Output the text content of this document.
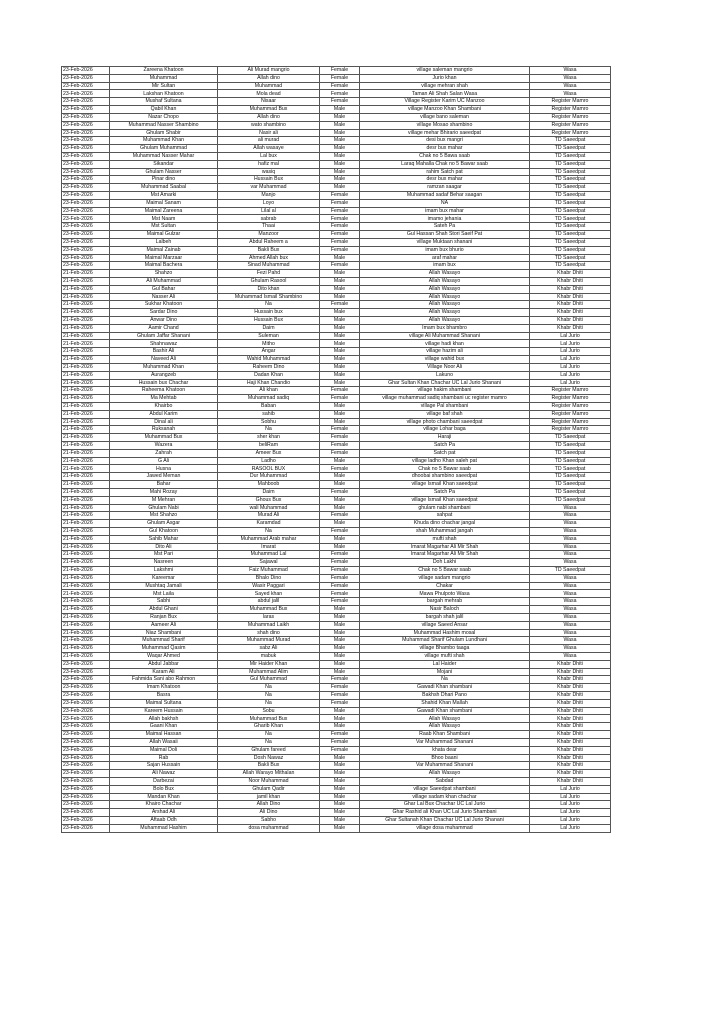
23-Feb-2026	Zareena Khatoon	Ali Murad mangrio	Female	village saleman mangrio	Wasa
23-Feb-2026	Muhammad	Allah dino	Female	Jurio khan	Wasa
23-Feb-2026	Mir Sultan	Muhammad	Female	village mehran shah	Wasa
23-Feb-2026	Lakshan Khatoon	Mola dead	Female	Taman Ali Shah Salan Wasa	Wasa
23-Feb-2026	Mushaf Sultana	Nisaar	Female	Village Register Karim UC Manzoo	Register Mamro
23-Feb-2026	Qabil Khan	Muhammad Bux	Male	village Manzoo Khan Shambani	Register Mamro
23-Feb-2026	Nazar Chopo	Allah dino	Male	village bano saleman	Register Mamro
23-Feb-2026	Muhammad Nasser Shambino	wato shambino	Male	village Mosao shambino	Register Mamro
23-Feb-2026	Ghulam Shabir	Nasir ali	Male	village mehar Bhirario saeedpat	Register Mamro
23-Feb-2026	Muhammad Khan	ali murad	Male	desi bux mangri	TD Saeedpat
23-Feb-2026	Ghulam Muhammad	Allah wasaye	Male	desr bux mahar	TD Saeedpat
23-Feb-2026	Muhammad Nasser Mahar	Lal bux	Male	Chak no 5 Bawa saab	TD Saeedpat
23-Feb-2026	Sikandar	hafiz mal	Male	Laraq Mahalla Chak no 5 Bawar saab	TD Saeedpat
23-Feb-2026	Ghulam Nasser	wasiq	Male	rahim Satch pat	TD Saeedpat
23-Feb-2026	Pinar dino	Hussain Bux	Male	desr bux mahar	TD Saeedpat
23-Feb-2026	Muhammad Saabal	var Muhammad	Male	ramzan saagar	TD Saeedpat
23-Feb-2026	Mst Amarki	Manjo	Female	Muhammad sadaf Behar saagan	TD Saeedpat
23-Feb-2026	Maimal Sanam	Loyo	Female	NA	TD Saeedpat
23-Feb-2026	Maimal Zareena	Lilal al	Female	imam bux mahar	TD Saeedpat
23-Feb-2026	Mst Naam	sabrab	Female	imamo jehania	TD Saeedpat
23-Feb-2026	Mst Sultan	Thaai	Female	Sateh Pa	TD Saeedpat
23-Feb-2026	Maimal Gulzar	Manzoor	Female	Gul Hassan Shah Stori Saeif Pat	TD Saeedpat
23-Feb-2026	Lalbeh	Abdul Raheem a	Female	village Muktaan shanani	TD Saeedpat
23-Feb-2026	Maimal Zainab	Bakli Bux	Female	imam bux bhurio	TD Saeedpat
23-Feb-2026	Maimal Marzaar	Ahmed Allah bux	Male	araf mahar	TD Saeedpat
23-Feb-2026	Maimal Bachera	Sinad Muhammad	Female	imam bux	TD Saeedpat
21-Feb-2026	Shahzo	Fezi Pahd	Male	Allah Wasayo	Khabr Dhiti
21-Feb-2026	Ali Muhammad	Ghulam Rasool	Male	Allah Wasayo	Khabr Dhiti
21-Feb-2026	Gul Bahar	Dito khan	Male	Allah Wasayo	Khabr Dhiti
21-Feb-2026	Nasser Ali	Muhammad Ismail Shambino	Male	Allah Wasayo	Khabr Dhiti
21-Feb-2026	Sukhar Khatoon	Na	Female	Allah Wasayo	Khabr Dhiti
21-Feb-2026	Sardar Dino	Hussain bux	Male	Allah Wasayo	Khabr Dhiti
21-Feb-2026	Anwar Dino	Hussain Bux	Male	Allah Wasayo	Khabr Dhiti
21-Feb-2026	Aamir Chand	Daim	Male	Imam bux bhambro	Khabr Dhiti
21-Feb-2026	Ghulam Jaffar Shanani	Suleman	Male	village Ali Muhammad Shanani	Lal Jurio
21-Feb-2026	Shahnawaz	Mitho	Male	village hadi khan	Lal Jurio
21-Feb-2026	Bashir Ali	Angar	Male	village hazim ali	Lal Jurio
21-Feb-2026	Naveed Ali	Wahid Muhammad	Male	village wahid bux	Lal Jurio
21-Feb-2026	Muhammad Khan	Raheem Dino	Male	Village Noor Ali	Lal Jurio
21-Feb-2026	Aurangzeb	Dadan Khan	Male	Lakuno	Lal Jurio
21-Feb-2026	Hussain bux Chachar	Haji Khan Chandio	Male	Ghar Sultan Khan Chachar UC Lal Jurio Shanani	Lal Jurio
21-Feb-2026	Raheema Khatoon	Ali khan	Female	village hakim shambani	Register Mamro
21-Feb-2026	Ma Mehtab	Muhammad sadiq	Female	village muhammad sadiq shambani uc register mamro	Register Mamro
21-Feb-2026	Khairbo	Baban	Male	village Pal shambani	Register Mamro
21-Feb-2026	Abdul Karim	sahib	Male	village baf shah	Register Mamro
21-Feb-2026	Dinal ali	Sobhu	Male	village photo chambani saeedpat	Register Mamro
21-Feb-2026	Ruksanah	Na	Female	village Lohar baga	Register Mamro
21-Feb-2026	Muhammad Bux	sher khan	Female	Haraji	TD Saeedpat
21-Feb-2026	Wazera	beliRam	Female	Satch Pa	TD Saeedpat
21-Feb-2026	Zahrah	Ameer Bux	Female	Satch pat	TD Saeedpat
21-Feb-2026	G Ali	Ladho	Male	village ladho Khan saleh pat	TD Saeedpat
21-Feb-2026	Husna	RASOOL BUX	Female	Chak no 5 Bawar saab	TD Saeedpat
21-Feb-2026	Jawed Meman	Dur Muhammad	Male	dhoobai shambino saeedpat	TD Saeedpat
21-Feb-2026	Bahar	Mahboob	Male	village Ismail Khan saeedpat	TD Saeedpat
21-Feb-2026	Mahi Rozay	Daim	Female	Satch Pa	TD Saeedpat
21-Feb-2026	M Mehran	Ghous Bux	Male	village Ismail Khan saeedpat	TD Saeedpat
21-Feb-2026	Ghulam Nabi	wali Muhammad	Male	ghulam nabi shambani	Wasa
21-Feb-2026	Mst Shahzo	Murad Ali	Female	sahpat	Wasa
21-Feb-2026	Ghulam Asgar	Karamdad	Male	Khuda dino chachar jangal	Wasa
21-Feb-2026	Gul Khatoon	Na	Female	shah Muhammad jangah	Wasa
21-Feb-2026	Sahib Mahar	Muhammad Arab mahar	Male	mufti shah	Wasa
21-Feb-2026	Dito Ali	Imarat	Male	Imarat Magarhar Ali Mir Shah	Wasa
21-Feb-2026	Mst Pari	Muhammad Lal	Female	Imarat Magarhar Ali Mir Shah	Wasa
21-Feb-2026	Nasreen	Sajawal	Female	Doh Lakhi	Wasa
21-Feb-2026	Lakshmi	Faiz Muhammad	Female	Chak no 5 Bawar saab	TD Saeedpat
21-Feb-2026	Kareemar	Bhalo Dino	Female	village sadam mangrio	Wasa
21-Feb-2026	Mushtaq Jamali	Wasir Paggari	Female	Chakar	Wasa
21-Feb-2026	Mst Laila	Sayed khan	Female	Mawa Phulpoto Wasa	Wasa
21-Feb-2026	Sabhi	abdul jalil	Female	bargah mehrab	Wasa
21-Feb-2026	Abdul Ghani	Muhammad Bux	Male	Nasir Baloch	Wasa
21-Feb-2026	Ranjan Bux	laras	Male	bargah shah jalil	Wasa
21-Feb-2026	Aameer Ali	Muhammad Laikh	Male	village Saeed Ansar	Wasa
21-Feb-2026	Niaz Shambani	shah dino	Male	Muhammad Hashim mosal	Wasa
21-Feb-2026	Muhammad Sharif	Muhammad Murad	Male	Muhammad Sharif Ghulam Lundhani	Wasa
21-Feb-2026	Muhammad Qasim	sabz Ali	Male	village Bhambo taaga	Wasa
21-Feb-2026	Waqar Ahmed	mabuk	Male	village mufti shah	Wasa
23-Feb-2026	Abdul Jabbar	Mir Haider Khan	Male	Lal Haider	Khabr Dhiti
23-Feb-2026	Karam Ali	Muhammad Alim	Male	Mojani	Khabr Dhiti
23-Feb-2026	Fahmida Sani abo Rahmon	Gul Muhammad	Female	Na	Khabr Dhiti
23-Feb-2026	Imam Khatoon	Na	Female	Gawadi Khan shambani	Khabr Dhiti
23-Feb-2026	Basra	Na	Female	Bakhsh Dhari Pano	Khabr Dhiti
23-Feb-2026	Maimal Sultana	Na	Female	Shahid Khan Mallah	Khabr Dhiti
23-Feb-2026	Kareem Hussain	Sobu	Male	Gawadi Khan shambani	Khabr Dhiti
23-Feb-2026	Allah bakhsh	Muhammad Bux	Male	Allah Wasayo	Khabr Dhiti
23-Feb-2026	Gaani Khan	Gharib Khan	Male	Allah Wasayo	Khabr Dhiti
23-Feb-2026	Maimal Hassan	Na	Female	Raab Khan Shambani	Khabr Dhiti
23-Feb-2026	Allah Wasaii	Na	Female	Var Muhammad Shanani	Khabr Dhiti
23-Feb-2026	Maimal Doli	Ghulam fareed	Female	khata dear	Khabr Dhiti
23-Feb-2026	Rab	Dosh Nawaz	Male	Bhoo baani	Khabr Dhiti
23-Feb-2026	Sajan Hussain	Bakli Bux	Male	Var Muhammad Shanani	Khabr Dhiti
23-Feb-2026	Ali Nawaz	Allah Warayo Mithalan	Male	Allah Wasayo	Khabr Dhiti
23-Feb-2026	Darbezai	Noor Muhammad	Male	Sabdad	Khabr Dhiti
23-Feb-2026	Bolo Bux	Ghulam Qadir	Male	village Saeedpat shambani	Lal Jurio
23-Feb-2026	Mandan Khan	jamil khan	Male	village sadam khan chachar	Lal Jurio
23-Feb-2026	Khairo Chachar	Allah Dino	Male	Ghar Lal Bux Chachar UC Lal Jurio	Lal Jurio
23-Feb-2026	Arshad Ali	Ali Dino	Male	Ghar Rashid ali Khan UC Lal Jurio Shambani	Lal Jurio
23-Feb-2026	Aftaab Odh	Sabho	Male	Ghar Sultanah Khan Chachar UC Lal Jurio Shanani	Lal Jurio
23-Feb-2026	Muhammad Hashim	dosa muhammad	Male	village dosa muhammad	Lal Jurio
